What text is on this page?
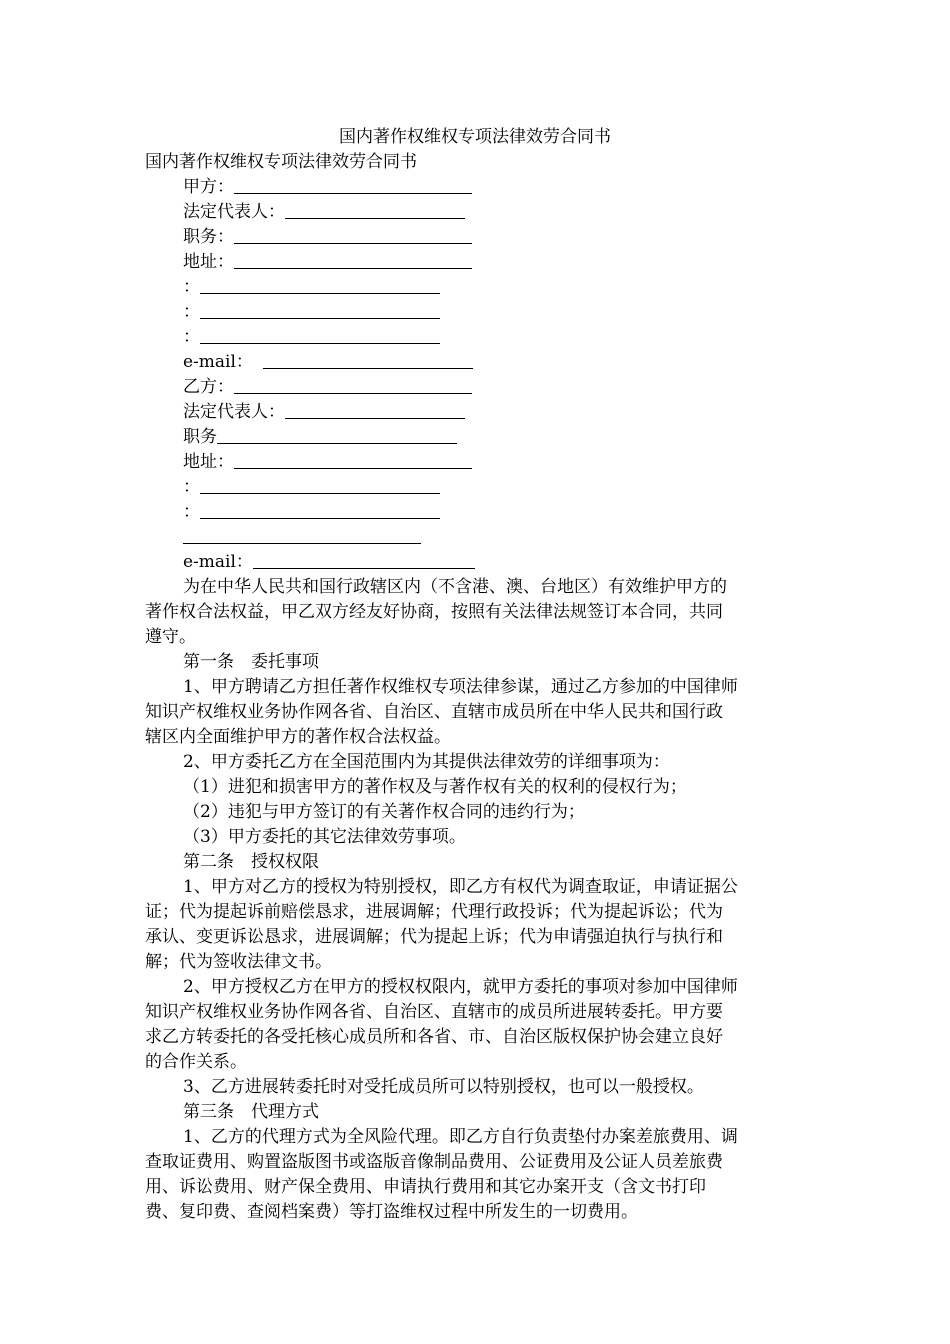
国内著作权维权专项法律效劳合同书
国内著作权维权专项法律效劳合同书
甲方：
法定代表人：
职务：
地址：
：
：
：
e-mail：
乙方：
法定代表人：
职务
地址：
：
：
e-mail：
为在中华人民共和国行政辖区内（不含港、澳、台地区）有效维护甲方的
著作权合法权益，甲乙双方经友好协商，按照有关法律法规签订本合同，共同
遵守。
第一条　委托事项
1、甲方聘请乙方担任著作权维权专项法律参谋，通过乙方参加的中国律师
知识产权维权业务协作网各省、自治区、直辖市成员所在中华人民共和国行政
辖区内全面维护甲方的著作权合法权益。
2、甲方委托乙方在全国范围内为其提供法律效劳的详细事项为：
（1）进犯和损害甲方的著作权及与著作权有关的权利的侵权行为；
（2）违犯与甲方签订的有关著作权合同的违约行为；
（3）甲方委托的其它法律效劳事项。
第二条　授权权限
1、甲方对乙方的授权为特别授权，即乙方有权代为调查取证，申请证据公
证；代为提起诉前赔偿恳求，进展调解；代理行政投诉；代为提起诉讼；代为
承认、变更诉讼恳求，进展调解；代为提起上诉；代为申请强迫执行与执行和
解；代为签收法律文书。
2、甲方授权乙方在甲方的授权权限内，就甲方委托的事项对参加中国律师
知识产权维权业务协作网各省、自治区、直辖市的成员所进展转委托。甲方要
求乙方转委托的各受托核心成员所和各省、市、自治区版权保护协会建立良好
的合作关系。
3、乙方进展转委托时对受托成员所可以特别授权，也可以一般授权。
第三条　代理方式
1、乙方的代理方式为全风险代理。即乙方自行负责垫付办案差旅费用、调
查取证费用、购置盗版图书或盗版音像制品费用、公证费用及公证人员差旅费
用、诉讼费用、财产保全费用、申请执行费用和其它办案开支（含文书打印
费、复印费、查阅档案费）等打盗维权过程中所发生的一切费用。
